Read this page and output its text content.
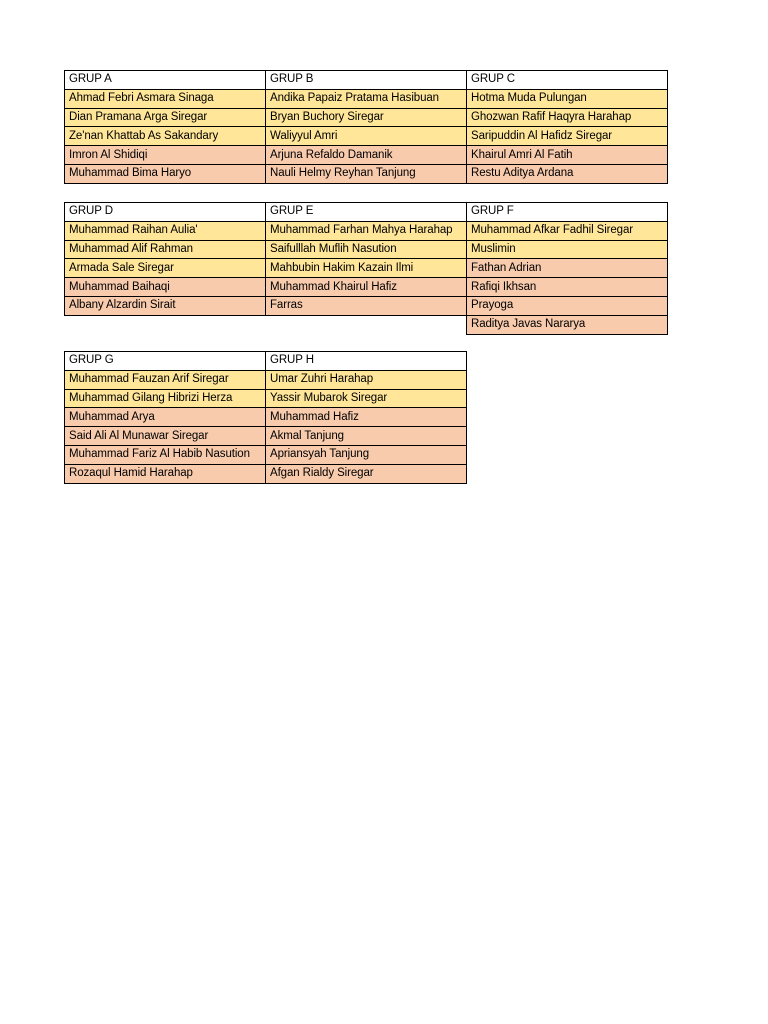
GRUP A	GRUP B	GRUP C
Ahmad Febri Asmara Sinaga	Andika Papaiz Pratama Hasibuan	Hotma Muda Pulungan
Dian Pramana Arga Siregar	Bryan Buchory Siregar	Ghozwan Rafif Haqyra Harahap
Ze'nan Khattab As Sakandary	Waliyyul Amri	Saripuddin Al Hafidz Siregar
Imron Al Shidiqi	Arjuna Refaldo Damanik	Khairul Amri Al Fatih
Muhammad Bima Haryo	Nauli Helmy Reyhan Tanjung	Restu Aditya Ardana
GRUP D	GRUP E	GRUP F
Muhammad Raihan Aulia'	Muhammad Farhan Mahya Harahap	Muhammad Afkar Fadhil Siregar
Muhammad Alif Rahman	Saifulllah Muflih Nasution	Muslimin
Armada Sale Siregar	Mahbubin Hakim Kazain Ilmi	Fathan Adrian
Muhammad Baihaqi	Muhammad Khairul Hafiz	Rafiqi Ikhsan
Albany Alzardin Sirait	Farras	Prayoga
		Raditya Javas Nararya
GRUP G	GRUP H
Muhammad Fauzan Arif Siregar	Umar Zuhri Harahap
Muhammad Gilang Hibrizi Herza	Yassir Mubarok Siregar
Muhammad Arya	Muhammad Hafiz
Said Ali Al Munawar Siregar	Akmal Tanjung
Muhammad Fariz Al Habib Nasution	Apriansyah Tanjung
Rozaqul Hamid Harahap	Afgan Rialdy Siregar
